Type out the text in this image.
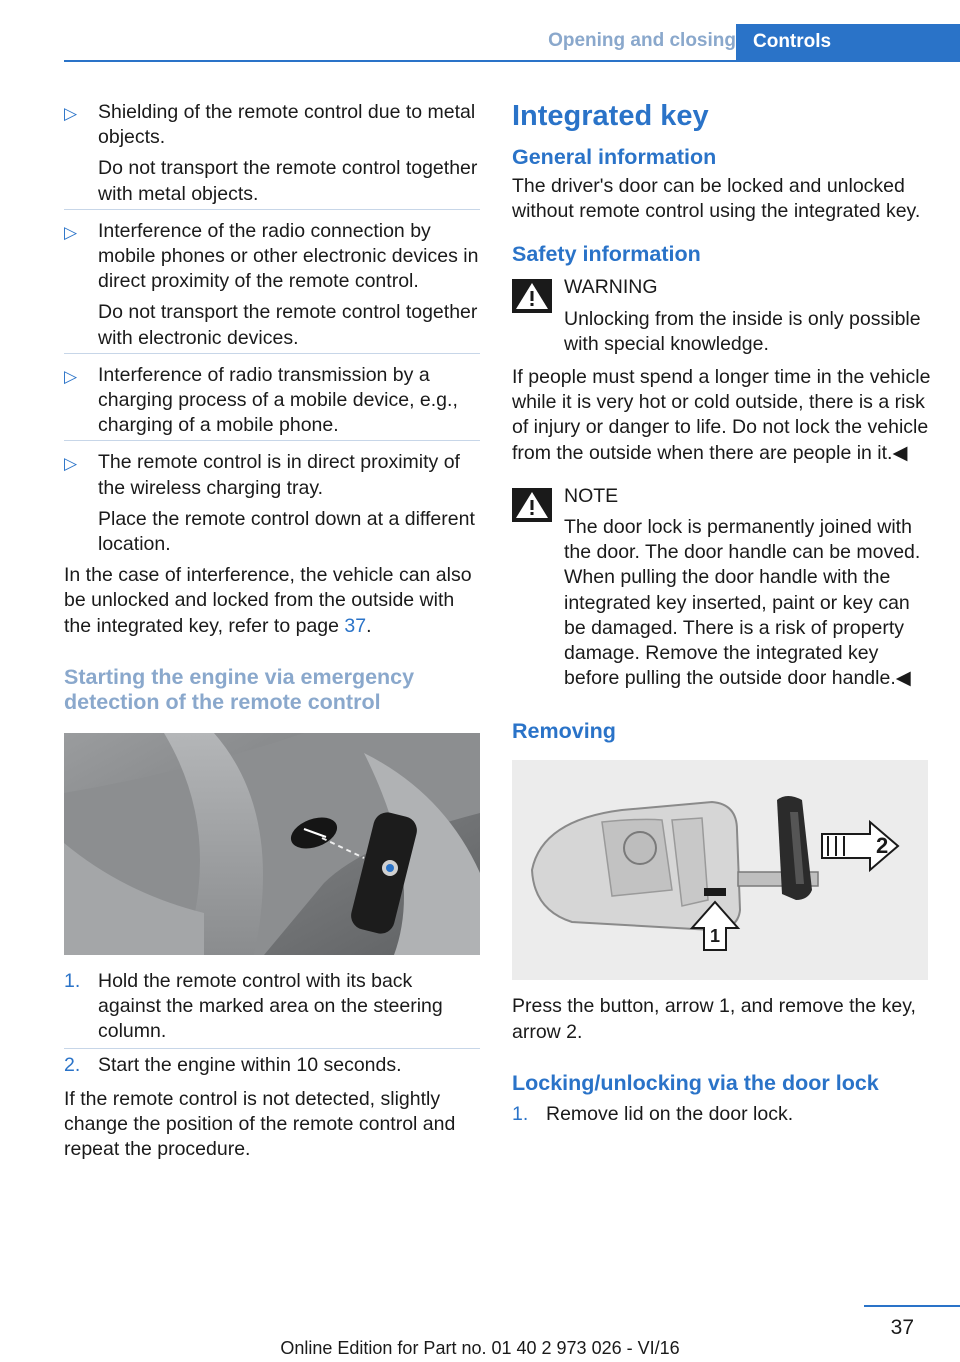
Opening and closing Controls
▷ Shielding of the remote control due to metal objects.

Do not transport the remote control together with metal objects.

▷ Interference of the radio connection by mobile phones or other electronic devices in direct proximity of the remote control.

Do not transport the remote control together with electronic devices.

▷ Interference of radio transmission by a charging process of a mobile device, e.g., charging of a mobile phone.

▷ The remote control is in direct proximity of the wireless charging tray.

Place the remote control down at a different location.

In the case of interference, the vehicle can also be unlocked and locked from the outside with the integrated key, refer to page 37.

Starting the engine via emergency detection of the remote control
1. Hold the remote control with its back against the marked area on the steering column.

2. Start the engine within 10 seconds.

If the remote control is not detected, slightly change the position of the remote control and repeat the procedure.

Integrated key
General information

The driver's door can be locked and unlocked without remote control using the integrated key.

Safety information

WARNING

Unlocking from the inside is only possible with special knowledge.

If people must spend a longer time in the vehicle while it is very hot or cold outside, there is a risk of injury or danger to life. Do not lock the vehicle from the outside when there are people in it.◀

NOTE

The door lock is permanently joined with the door. The door handle can be moved. When pulling the door handle with the integrated key inserted, paint or key can be damaged. There is a risk of property damage. Remove the integrated key before pulling the outside door handle.◀

Removing
2
1

Press the button, arrow 1, and remove the key, arrow 2.

Locking/unlocking via the door lock
1. Remove lid on the door lock.

37
Online Edition for Part no. 01 40 2 973 026 - VI/16
